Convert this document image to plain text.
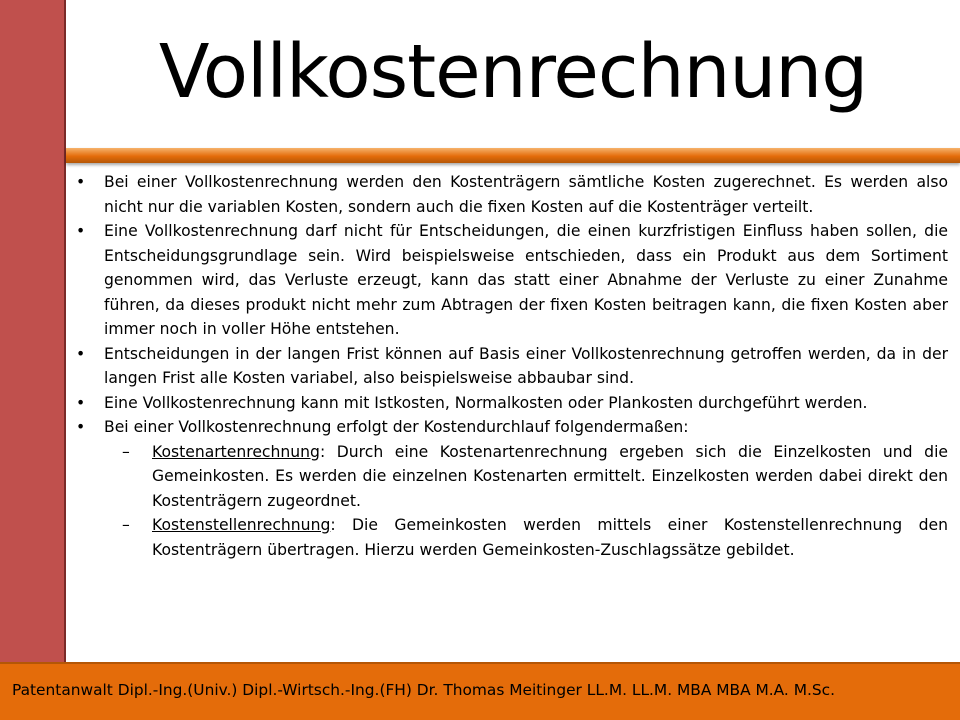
Vollkostenrechnung
• Bei einer Vollkostenrechnung werden den Kostenträgern sämtliche Kosten zugerechnet. Es werden also nicht nur die variablen Kosten, sondern auch die fixen Kosten auf die Kostenträger verteilt.
• Eine Vollkostenrechnung darf nicht für Entscheidungen, die einen kurzfristigen Einfluss haben sollen, die Entscheidungsgrundlage sein. Wird beispielsweise entschieden, dass ein Produkt aus dem Sortiment genommen wird, das Verluste erzeugt, kann das statt einer Abnahme der Verluste zu einer Zunahme führen, da dieses produkt nicht mehr zum Abtragen der fixen Kosten beitragen kann, die fixen Kosten aber immer noch in voller Höhe entstehen.
• Entscheidungen in der langen Frist können auf Basis einer Vollkostenrechnung getroffen werden, da in der langen Frist alle Kosten variabel, also beispielsweise abbaubar sind.
• Eine Vollkostenrechnung kann mit Istkosten, Normalkosten oder Plankosten durchgeführt werden.
• Bei einer Vollkostenrechnung erfolgt der Kostendurchlauf folgendermaßen:
– Kostenartenrechnung: Durch eine Kostenartenrechnung ergeben sich die Einzelkosten und die Gemeinkosten. Es werden die einzelnen Kostenarten ermittelt. Einzelkosten werden dabei direkt den Kostenträgern zugeordnet.
– Kostenstellenrechnung: Die Gemeinkosten werden mittels einer Kostenstellenrechnung den Kostenträgern übertragen. Hierzu werden Gemeinkosten-Zuschlagssätze gebildet.
Patentanwalt Dipl.-Ing.(Univ.) Dipl.-Wirtsch.-Ing.(FH) Dr. Thomas Meitinger LL.M. LL.M. MBA MBA M.A. M.Sc.
